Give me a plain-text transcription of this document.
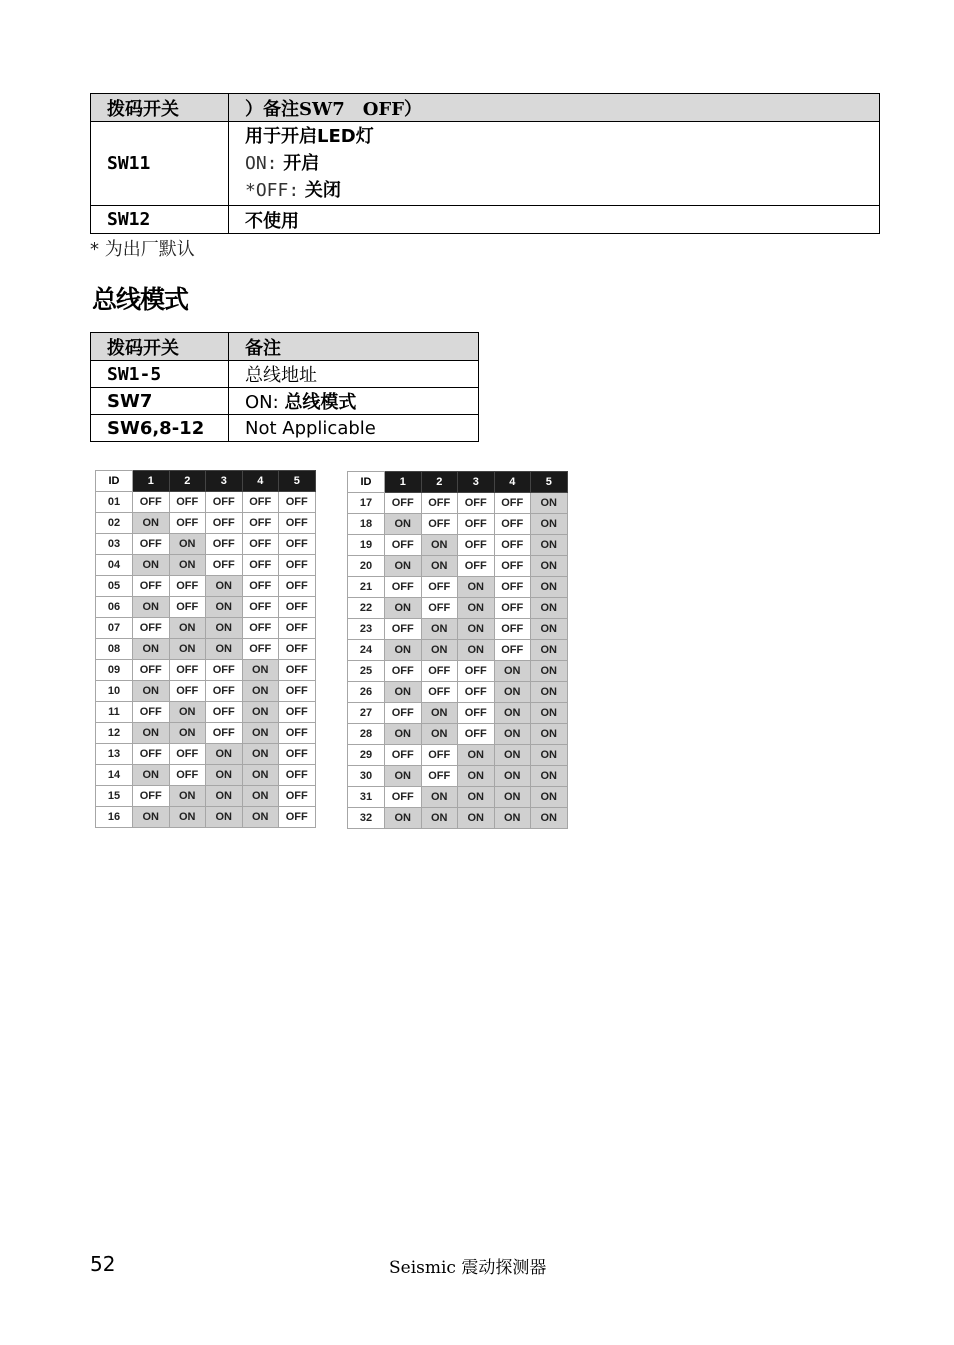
拨码开关	）备注SW7　OFF）
SW11	用于开启LED灯
ON: 开启
*OFF: 关闭

SW12	不使用
* 为出厂默认
总线模式
拨码开关	备注
SW1-5	总线地址
SW7	ON: 总线模式
SW6,8-12	Not Applicable
ID	1	2	3	4	5
01	OFF	OFF	OFF	OFF	OFF
02	ON	OFF	OFF	OFF	OFF
03	OFF	ON	OFF	OFF	OFF
04	ON	ON	OFF	OFF	OFF
05	OFF	OFF	ON	OFF	OFF
06	ON	OFF	ON	OFF	OFF
07	OFF	ON	ON	OFF	OFF
08	ON	ON	ON	OFF	OFF
09	OFF	OFF	OFF	ON	OFF
10	ON	OFF	OFF	ON	OFF
11	OFF	ON	OFF	ON	OFF
12	ON	ON	OFF	ON	OFF
13	OFF	OFF	ON	ON	OFF
14	ON	OFF	ON	ON	OFF
15	OFF	ON	ON	ON	OFF
16	ON	ON	ON	ON	OFF
ID	1	2	3	4	5
17	OFF	OFF	OFF	OFF	ON
18	ON	OFF	OFF	OFF	ON
19	OFF	ON	OFF	OFF	ON
20	ON	ON	OFF	OFF	ON
21	OFF	OFF	ON	OFF	ON
22	ON	OFF	ON	OFF	ON
23	OFF	ON	ON	OFF	ON
24	ON	ON	ON	OFF	ON
25	OFF	OFF	OFF	ON	ON
26	ON	OFF	OFF	ON	ON
27	OFF	ON	OFF	ON	ON
28	ON	ON	OFF	ON	ON
29	OFF	OFF	ON	ON	ON
30	ON	OFF	ON	ON	ON
31	OFF	ON	ON	ON	ON
32	ON	ON	ON	ON	ON
52	Seismic 震动探测器
